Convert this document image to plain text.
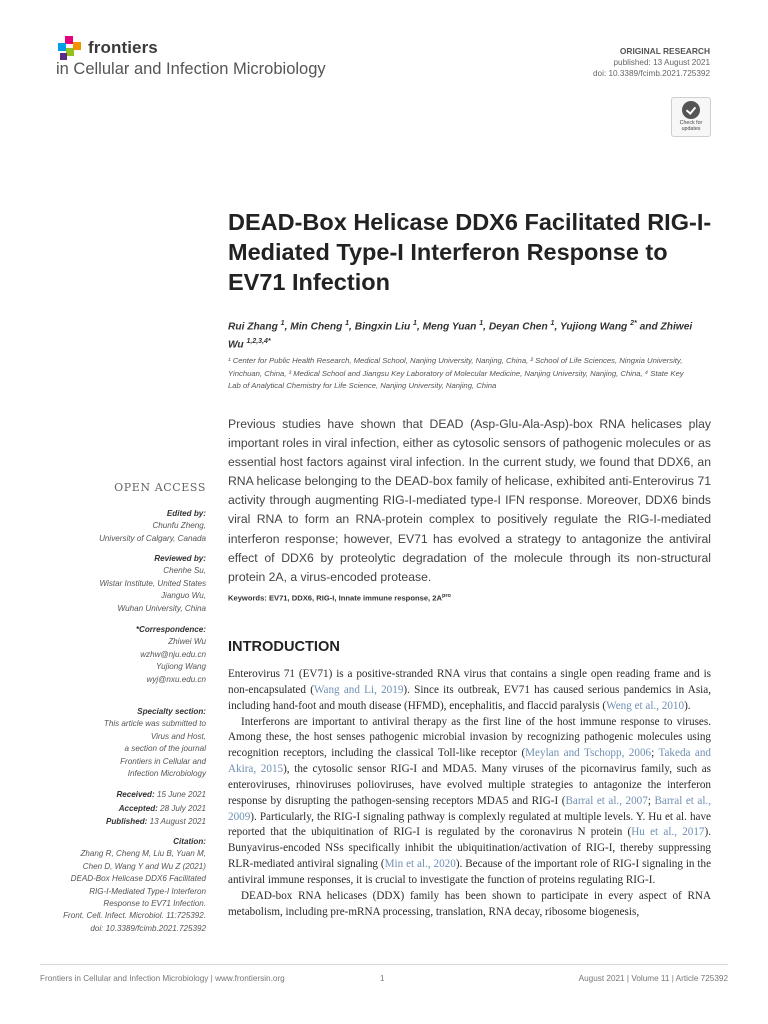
frontiers
in Cellular and Infection Microbiology
ORIGINAL RESEARCH
published: 13 August 2021
doi: 10.3389/fcimb.2021.725392
Check for updates
DEAD-Box Helicase DDX6 Facilitated RIG-I-Mediated Type-I Interferon Response to EV71 Infection
Rui Zhang $^1$, Min Cheng $^1$, Bingxin Liu $^1$, Meng Yuan $^1$, Deyan Chen $^1$, Yujiong Wang $^{2*}$ and Zhiwei Wu $^{1,2,3,4*}$
¹ Center for Public Health Research, Medical School, Nanjing University, Nanjing, China, ² School of Life Sciences, Ningxia University, Yinchuan, China, ³ Medical School and Jiangsu Key Laboratory of Molecular Medicine, Nanjing University, Nanjing, China, ⁴ State Key Lab of Analytical Chemistry for Life Science, Nanjing University, Nanjing, China
Previous studies have shown that DEAD (Asp-Glu-Ala-Asp)-box RNA helicases play important roles in viral infection, either as cytosolic sensors of pathogenic molecules or as essential host factors against viral infection. In the current study, we found that DDX6, an RNA helicase belonging to the DEAD-box family of helicase, exhibited anti-Enterovirus 71 activity through augmenting RIG-I-mediated type-I IFN response. Moreover, DDX6 binds viral RNA to form an RNA-protein complex to positively regulate the RIG-I-mediated interferon response; however, EV71 has evolved a strategy to antagonize the antiviral effect of DDX6 by proteolytic degradation of the molecule through its non-structural protein 2A, a virus-encoded protease.
Keywords: EV71, DDX6, RIG-I, Innate immune response, $2A^{pro}$
OPEN ACCESS
Edited by:
Chunfu Zheng,
University of Calgary, Canada
Reviewed by:
Chenhe Su,
Wistar Institute, United States
Jianguo Wu,
Wuhan University, China
*Correspondence:
Zhiwei Wu
wzhw@nju.edu.cn
Yujiong Wang
wyj@nxu.edu.cn
Specialty section:
This article was submitted to
Virus and Host,
a section of the journal
Frontiers in Cellular and
Infection Microbiology
Received: 15 June 2021
Accepted: 28 July 2021
Published: 13 August 2021
Citation:
Zhang R, Cheng M, Liu B, Yuan M,
Chen D, Wang Y and Wu Z (2021)
DEAD-Box Helicase DDX6 Facilitated
RIG-I-Mediated Type-I Interferon
Response to EV71 Infection.
Front. Cell. Infect. Microbiol. 11:725392.
doi: 10.3389/fcimb.2021.725392
INTRODUCTION

Enterovirus 71 (EV71) is a positive-stranded RNA virus that contains a single open reading frame and is non-encapsulated (Wang and Li, 2019). Since its outbreak, EV71 has caused serious pandemics in Asia, including hand-foot and mouth disease (HFMD), encephalitis, and flaccid paralysis (Weng et al., 2010).

Interferons are important to antiviral therapy as the first line of the host immune response to viruses. Among these, the host senses pathogenic microbial invasion by recognizing pathogenic molecules using recognition receptors, including the classical Toll-like receptor (Meylan and Tschopp, 2006; Takeda and Akira, 2015), the cytosolic sensor RIG-I and MDA5. Many viruses of the picornavirus family, such as enteroviruses, rhinoviruses polioviruses, have evolved multiple strategies to antagonize the interferon response by disrupting the pathogen-sensing receptors MDA5 and RIG-I (Barral et al., 2007; Barral et al., 2009). Particularly, the RIG-I signaling pathway is complexly regulated at multiple levels. Y. Hu et al. have reported that the ubiquitination of RIG-I is regulated by the coronavirus N protein (Hu et al., 2017). Bunyavirus-encoded NSs specifically inhibit the ubiquitination/activation of RIG-I, thereby suppressing RLR-mediated antiviral signaling (Min et al., 2020). Because of the important role of RIG-I signaling in the antiviral immune responses, it is crucial to investigate the function of proteins regulating RIG-I.

DEAD-box RNA helicases (DDX) family has been shown to participate in every aspect of RNA metabolism, including pre-mRNA processing, translation, RNA decay, ribosome biogenesis,

Frontiers in Cellular and Infection Microbiology | www.frontiersin.org	1	August 2021 | Volume 11 | Article 725392
